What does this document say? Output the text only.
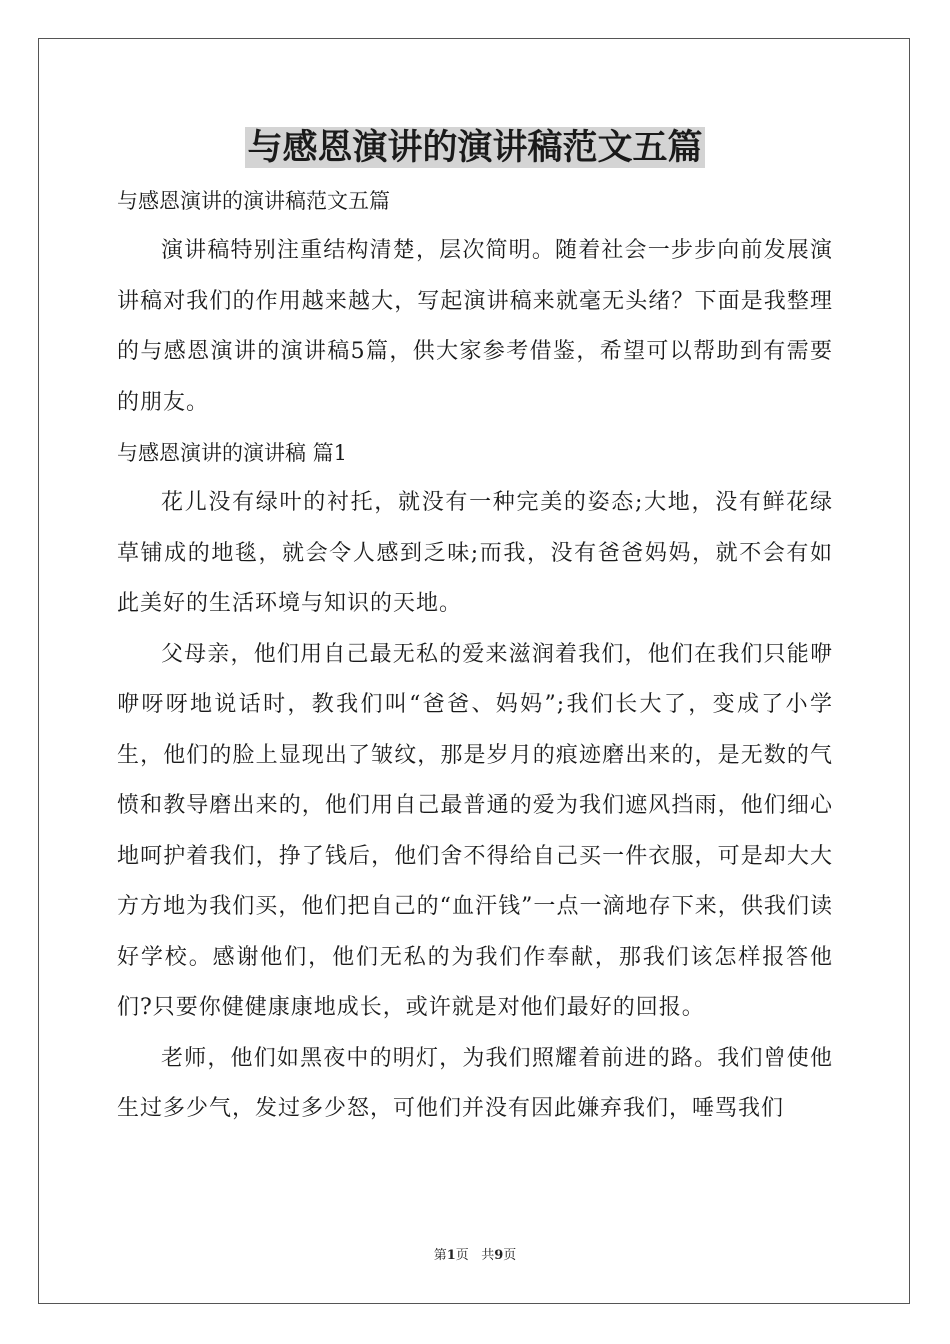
与感恩演讲的演讲稿范文五篇

与感恩演讲的演讲稿范文五篇

演讲稿特别注重结构清楚，层次简明。随着社会一步步向前发展演讲稿对我们的作用越来越大，写起演讲稿来就毫无头绪？下面是我整理的与感恩演讲的演讲稿5篇，供大家参考借鉴，希望可以帮助到有需要的朋友。

与感恩演讲的演讲稿 篇1

花儿没有绿叶的衬托，就没有一种完美的姿态;大地，没有鲜花绿草铺成的地毯，就会令人感到乏味;而我，没有爸爸妈妈，就不会有如此美好的生活环境与知识的天地。

父母亲，他们用自己最无私的爱来滋润着我们，他们在我们只能咿咿呀呀地说话时，教我们叫“爸爸、妈妈”;我们长大了，变成了小学生，他们的脸上显现出了皱纹，那是岁月的痕迹磨出来的，是无数的气愤和教导磨出来的，他们用自己最普通的爱为我们遮风挡雨，他们细心地呵护着我们，挣了钱后，他们舍不得给自己买一件衣服，可是却大大方方地为我们买，他们把自己的“血汗钱”一点一滴地存下来，供我们读好学校。感谢他们，他们无私的为我们作奉献，那我们该怎样报答他们?只要你健健康康地成长，或许就是对他们最好的回报。

老师，他们如黑夜中的明灯，为我们照耀着前进的路。我们曾使他生过多少气，发过多少怒，可他们并没有因此嫌弃我们，唾骂我们

第1页 共9页
